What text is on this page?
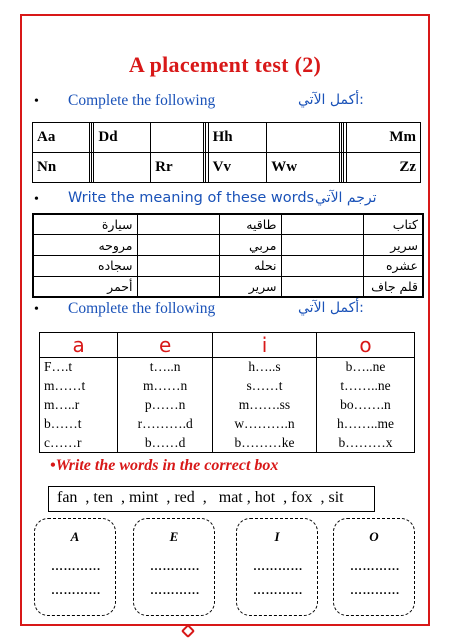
A placement test (2)
• Complete the following	أكمل الآتي:
Aa			Dd				Hh					Mm
Nn				Rr			Vv	Ww				Zz
• Write the meaning of these words ترجم الآتي
سيارة		طاقيه		كتاب
مروحه		مربي		سرير
سجاده		نحله		عشره
أحمر		سرير		قلم جاف
• Complete the following	أكمل الآتي:
a	e	i	o
F….t	t…..n	h…..s	b…..ne
m……t	m……n	s……t	t……..ne
m…..r	p……n	m…….ss	bo…….n
b……t	r……….d	w……….n	h……..me
c……r	b……d	b………ke	b………x
•Write the words in the correct box
fan  , ten  , mint  , red  ,   mat , hot  , fox  , sit
A
…………
…………
E
…………
…………
I
…………
…………
O
…………
…………
